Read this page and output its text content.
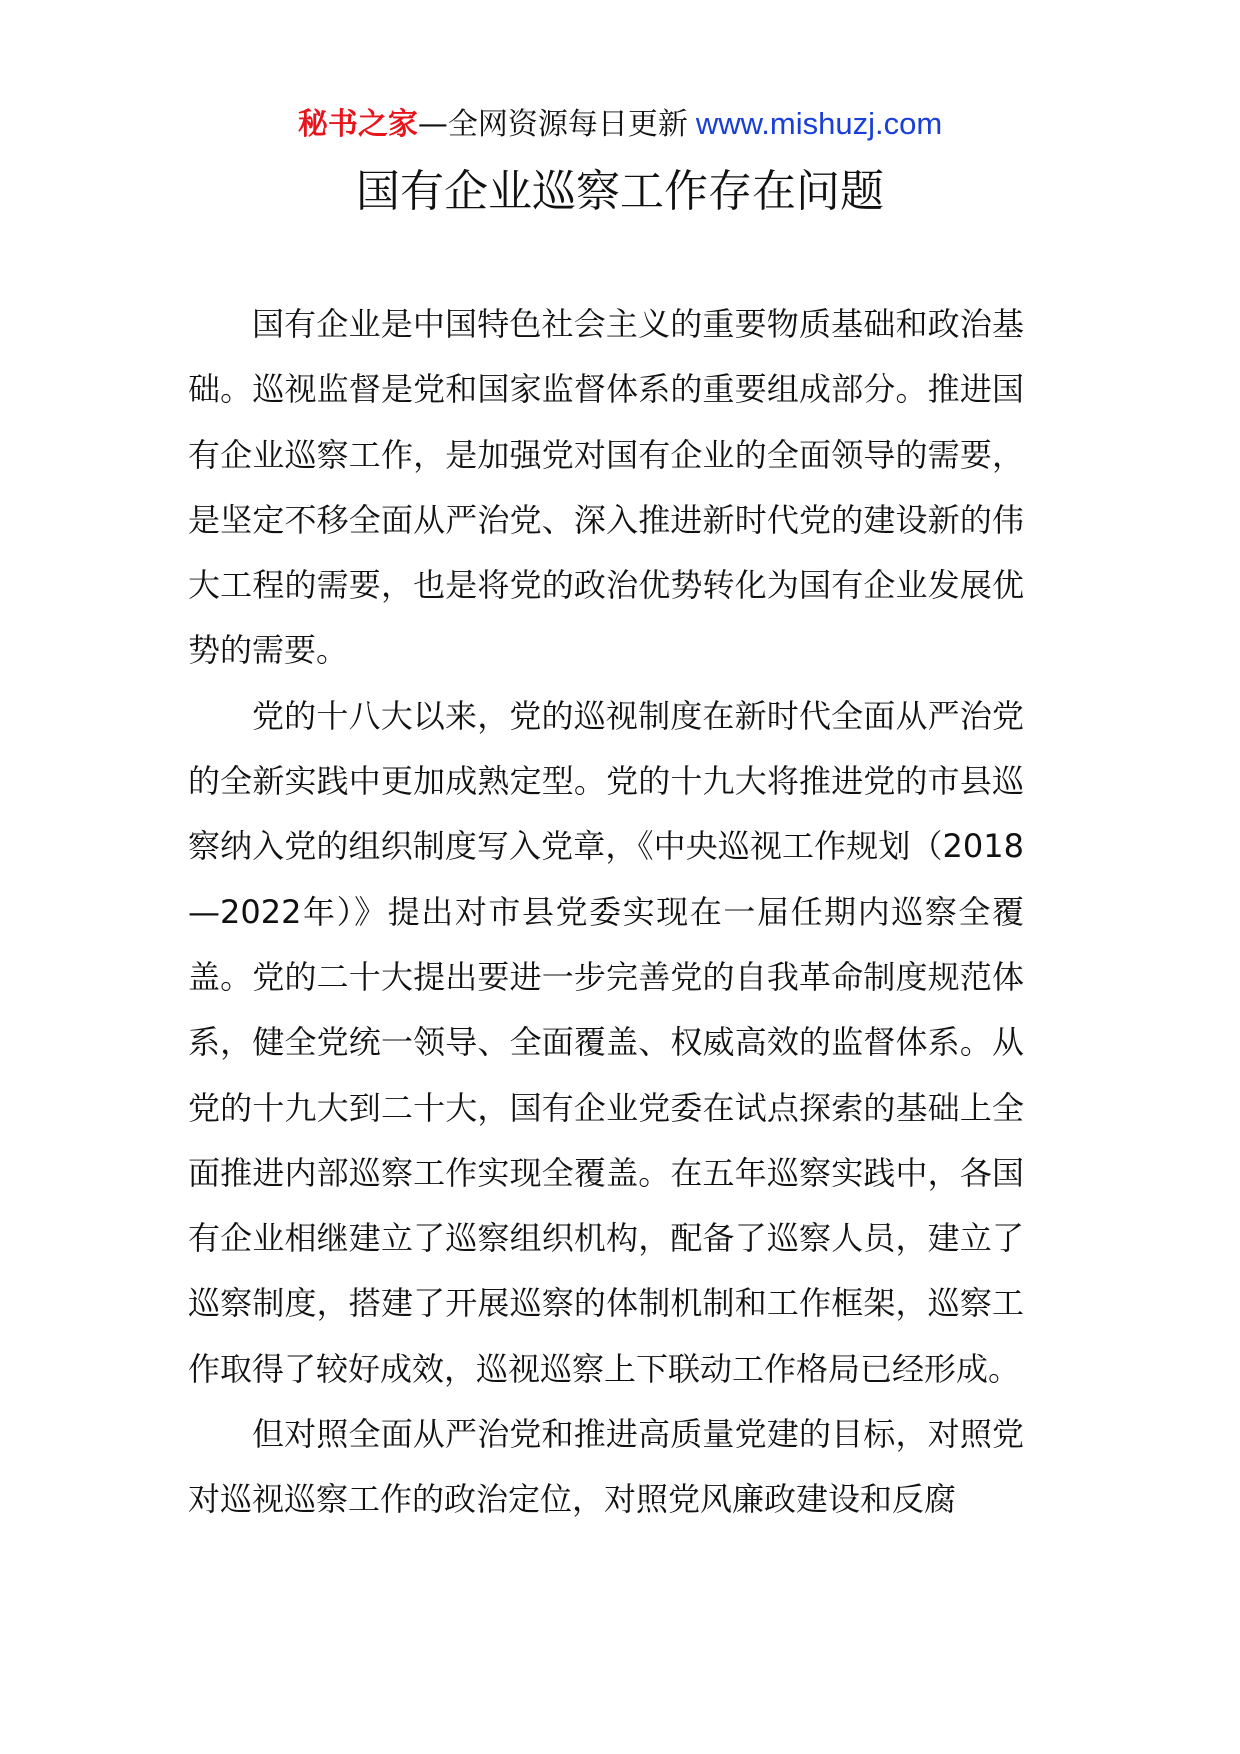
秘书之家—全网资源每日更新 www.mishuzj.com
国有企业巡察工作存在问题

国有企业是中国特色社会主义的重要物质基础和政治基础。巡视监督是党和国家监督体系的重要组成部分。推进国有企业巡察工作，是加强党对国有企业的全面领导的需要，是坚定不移全面从严治党、深入推进新时代党的建设新的伟大工程的需要，也是将党的政治优势转化为国有企业发展优势的需要。

党的十八大以来，党的巡视制度在新时代全面从严治党的全新实践中更加成熟定型。党的十九大将推进党的市县巡察纳入党的组织制度写入党章，《中央巡视工作规划（2018—2022年）》提出对市县党委实现在一届任期内巡察全覆盖。党的二十大提出要进一步完善党的自我革命制度规范体系，健全党统一领导、全面覆盖、权威高效的监督体系。从党的十九大到二十大，国有企业党委在试点探索的基础上全面推进内部巡察工作实现全覆盖。在五年巡察实践中，各国有企业相继建立了巡察组织机构，配备了巡察人员，建立了巡察制度，搭建了开展巡察的体制机制和工作框架，巡察工作取得了较好成效，巡视巡察上下联动工作格局已经形成。

但对照全面从严治党和推进高质量党建的目标，对照党对巡视巡察工作的政治定位，对照党风廉政建设和反腐
